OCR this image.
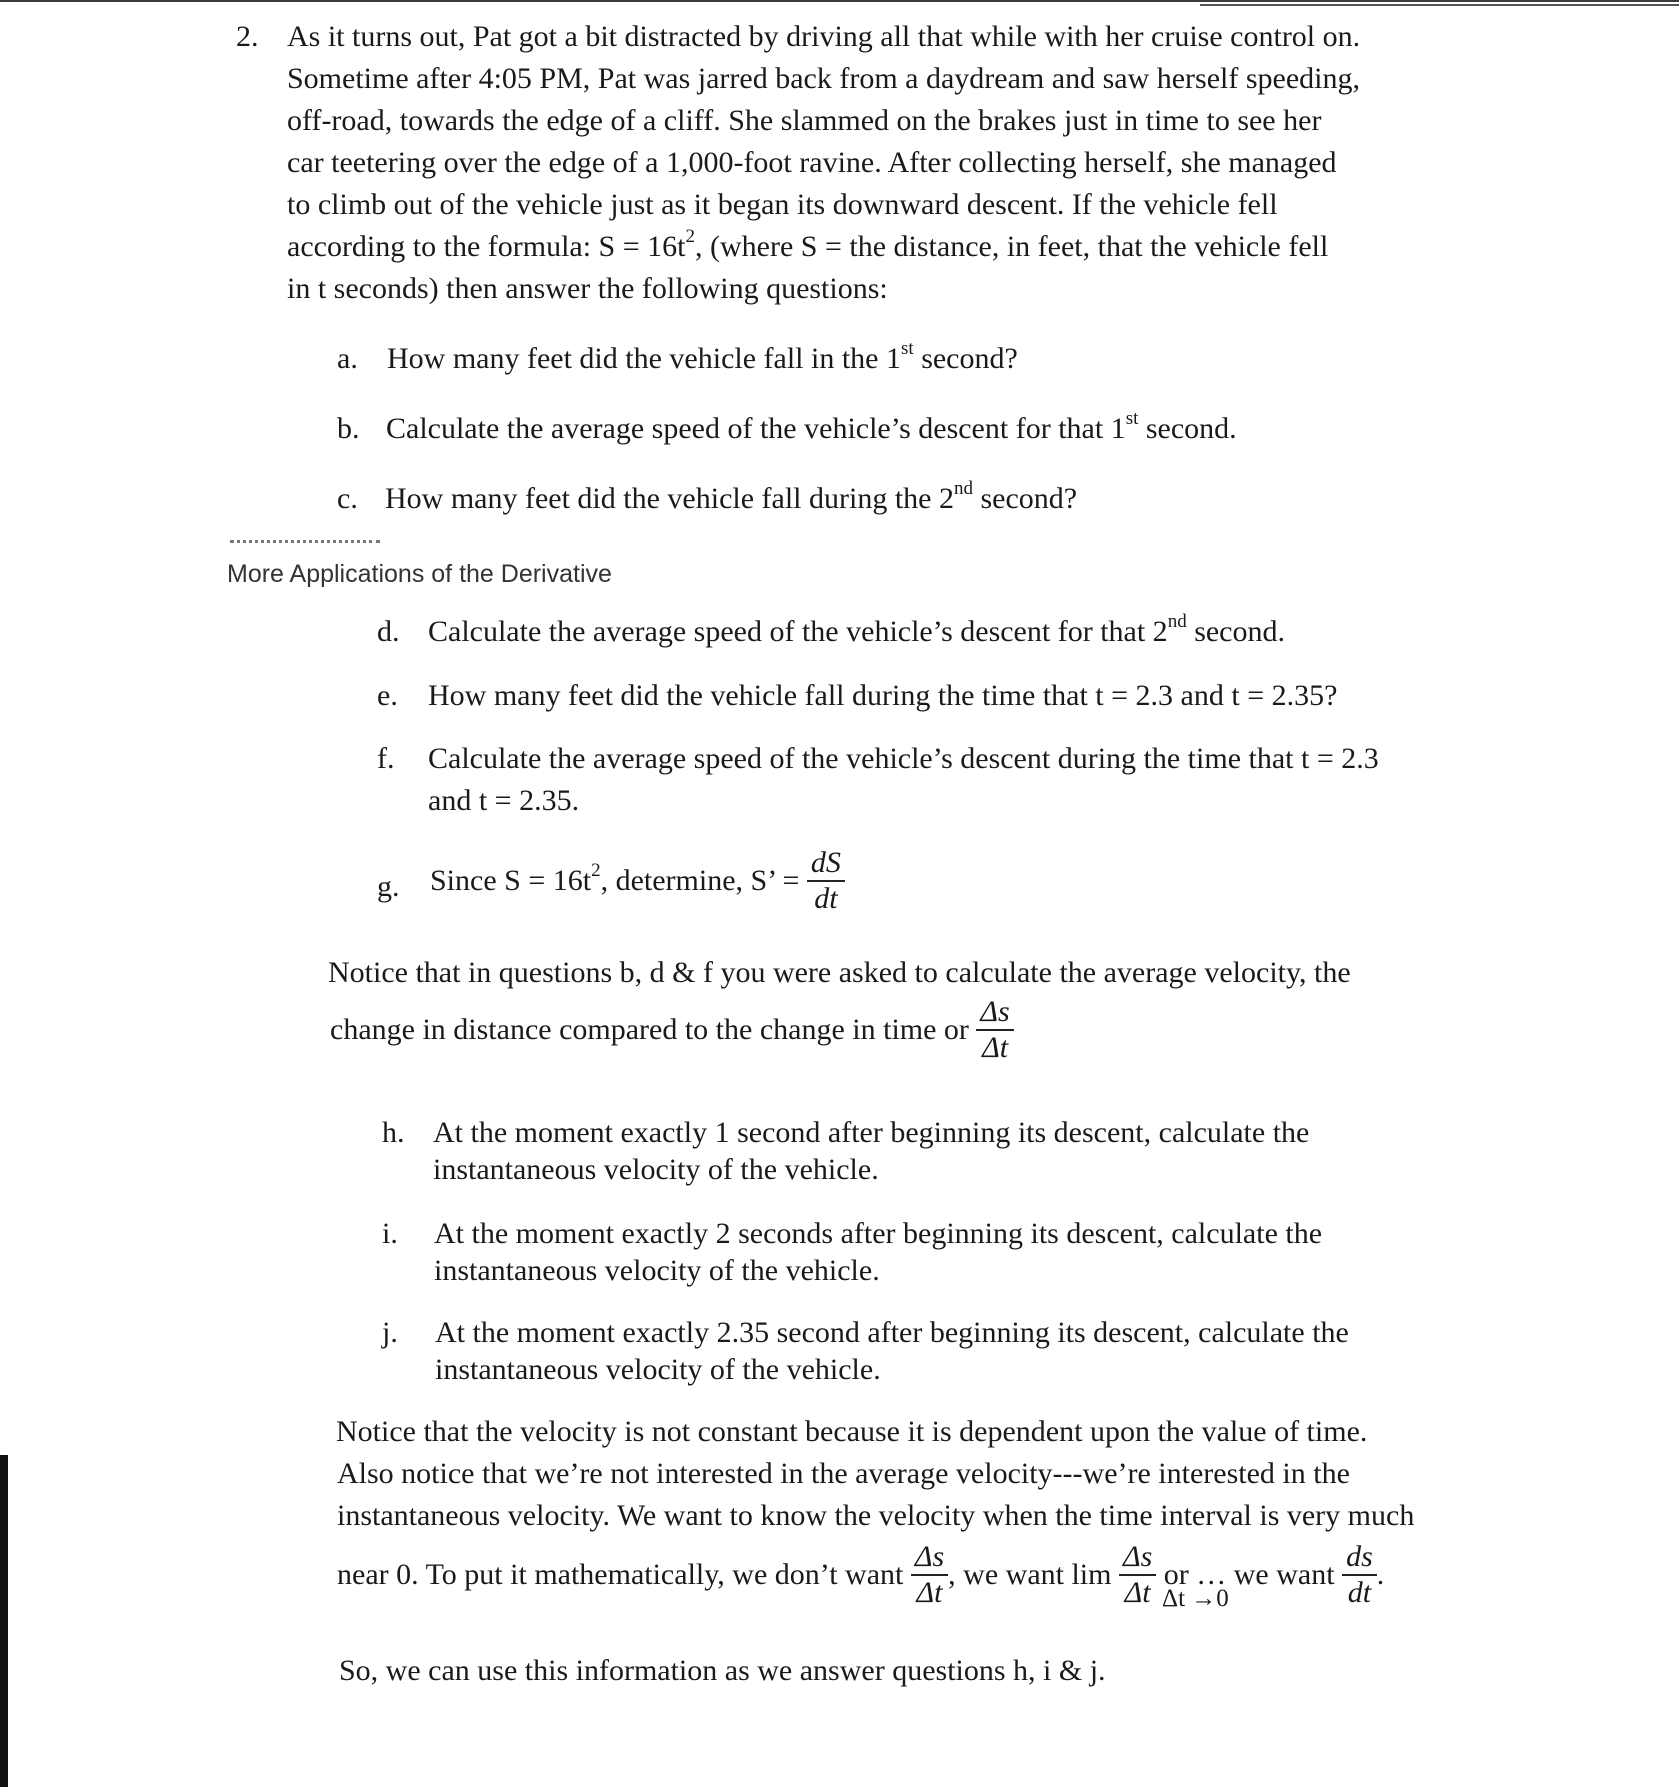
2. As it turns out, Pat got a bit distracted by driving all that while with her cruise control on.
Sometime after 4:05 PM, Pat was jarred back from a daydream and saw herself speeding,
off-road, towards the edge of a cliff. She slammed on the brakes just in time to see her
car teetering over the edge of a 1,000-foot ravine. After collecting herself, she managed
to climb out of the vehicle just as it began its downward descent. If the vehicle fell
according to the formula: $S = 16t^2$, (where S = the distance, in feet, that the vehicle fell
in t seconds) then answer the following questions:
a. How many feet did the vehicle fall in the 1st second?
b. Calculate the average speed of the vehicle’s descent for that 1st second.
c. How many feet did the vehicle fall during the 2nd second?
More Applications of the Derivative
d. Calculate the average speed of the vehicle’s descent for that 2nd second.
e. How many feet did the vehicle fall during the time that t = 2.3 and t = 2.35?
f. Calculate the average speed of the vehicle’s descent during the time that t = 2.3
and t = 2.35.
g. Since $S = 16t^2$, determine, S’ = $\frac{dS}{dt}$
Notice that in questions b, d & f you were asked to calculate the average velocity, the
change in distance compared to the change in time or $\frac{\Delta s}{\Delta t}$
h. At the moment exactly 1 second after beginning its descent, calculate the
instantaneous velocity of the vehicle.
i. At the moment exactly 2 seconds after beginning its descent, calculate the
instantaneous velocity of the vehicle.
j. At the moment exactly 2.35 second after beginning its descent, calculate the
instantaneous velocity of the vehicle.
Notice that the velocity is not constant because it is dependent upon the value of time.
Also notice that we’re not interested in the average velocity---we’re interested in the
instantaneous velocity. We want to know the velocity when the time interval is very much
near 0. To put it mathematically, we don’t want $\frac{\Delta s}{\Delta t}$ , we want $\lim \frac{\Delta s}{\Delta t}$ or … we want $\frac{ds}{dt}$ .
Δt →0
So, we can use this information as we answer questions h, i & j.
